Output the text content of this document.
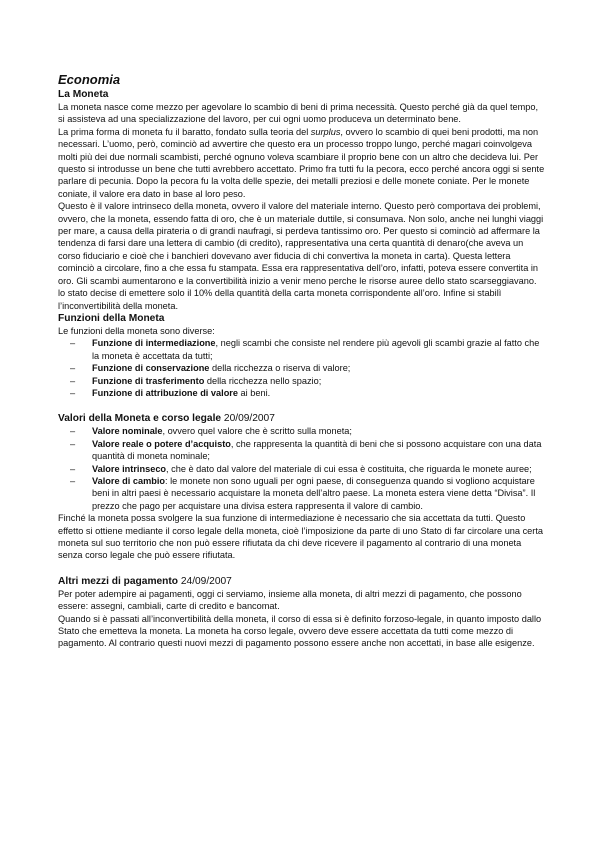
Economia
La Moneta

La moneta nasce come mezzo per agevolare lo scambio di beni di prima necessità. Questo perché già da quel tempo, si assisteva ad una specializzazione del lavoro, per cui ogni uomo produceva un determinato bene.

La prima forma di moneta fu il baratto, fondato sulla teoria del surplus, ovvero lo scambio di quei beni prodotti, ma non necessari. L’uomo, però, cominciò ad avvertire che questo era un processo troppo lungo, perché magari coinvolgeva molti più dei due normali scambisti, perché ognuno voleva scambiare il proprio bene con un altro che decideva lui. Per questo si introdusse un bene che tutti avrebbero accettato. Primo fra tutti fu la pecora, ecco perché ancora oggi si sente parlare di pecunia. Dopo la pecora fu la volta delle spezie, dei metalli preziosi e delle monete coniate. Per le monete coniate, il valore era dato in base al loro peso.

Questo è il valore intrinseco della moneta, ovvero il valore del materiale interno. Questo però comportava dei problemi, ovvero, che la moneta, essendo fatta di oro, che è un materiale duttile, si consumava. Non solo, anche nei lunghi viaggi per mare, a causa della pirateria o di grandi naufragi, si perdeva tantissimo oro. Per questo si cominciò ad affermare la tendenza di farsi dare una lettera di cambio (di credito), rappresentativa una certa quantità di denaro(che aveva un corso fiduciario e cioè che i banchieri dovevano aver fiducia di chi convertiva la moneta in carta). Questa lettera cominciò a circolare, fino a che essa fu stampata. Essa era rappresentativa dell’oro, infatti, poteva essere convertita in oro. Gli scambi aumentarono e la convertibilità inizio a venir meno perche le risorse auree dello stato scarseggiavano. lo stato decise di emettere solo il 10% della quantità della carta moneta corrispondente all’oro. Infine si stabilì l’inconvertibilità della moneta.

Funzioni della Moneta

Le funzioni della moneta sono diverse:

– Funzione di intermediazione, negli scambi che consiste nel rendere più agevoli gli scambi grazie al fatto che la moneta è accettata da tutti;
– Funzione di conservazione della ricchezza o riserva di valore;
– Funzione di trasferimento della ricchezza nello spazio;
– Funzione di attribuzione di valore ai beni.
Valori della Moneta e corso legale 20/09/2007
– Valore nominale, ovvero quel valore che è scritto sulla moneta;
– Valore reale o potere d’acquisto, che rappresenta la quantità di beni che si possono acquistare con una data quantità di moneta nominale;
– Valore intrinseco, che è dato dal valore del materiale di cui essa è costituita, che riguarda le monete auree;
– Valore di cambio: le monete non sono uguali per ogni paese, di conseguenza quando si vogliono acquistare beni in altri paesi è necessario acquistare la moneta dell’altro paese. La moneta estera viene detta “Divisa”. Il prezzo che pago per acquistare una divisa estera rappresenta il valore di cambio.

Finché la moneta possa svolgere la sua funzione di intermediazione è necessario che sia accettata da tutti. Questo effetto si ottiene mediante il corso legale della moneta, cioè l’imposizione da parte di uno Stato di far circolare una certa moneta sul suo territorio che non può essere rifiutata da chi deve ricevere il pagamento al contrario di una moneta senza corso legale che può essere rifiutata.

Altri mezzi di pagamento 24/09/2007

Per poter adempire ai pagamenti, oggi ci serviamo, insieme alla moneta, di altri mezzi di pagamento, che possono essere: assegni, cambiali, carte di credito e bancomat.

Quando si è passati all’inconvertibilità della moneta, il corso di essa si è definito forzoso-legale, in quanto imposto dallo Stato che emetteva la moneta. La moneta ha corso legale, ovvero deve essere accettata da tutti come mezzo di pagamento. Al contrario questi nuovi mezzi di pagamento possono essere anche non accettati, in base alle esigenze.
